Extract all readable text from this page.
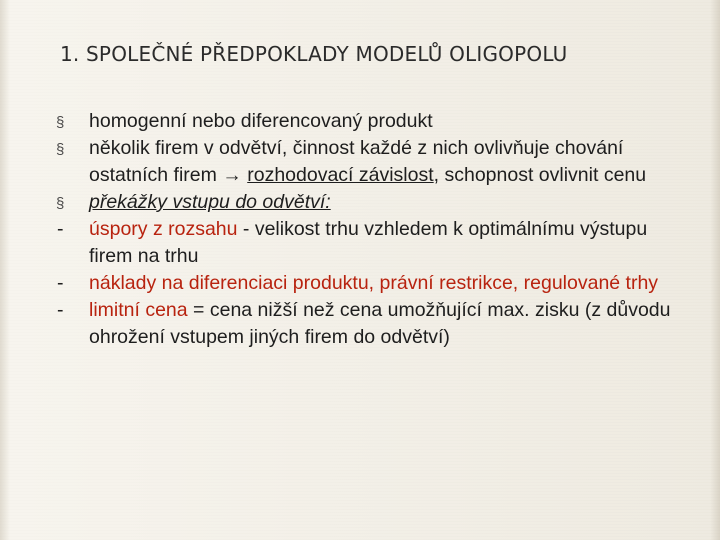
1. SPOLEČNÉ PŘEDPOKLADY MODELŮ OLIGOPOLU

§	homogenní nebo diferencovaný produkt

§	několik firem v odvětví, činnost každé z nich ovlivňuje chování ostatních firem → rozhodovací závislost, schopnost ovlivnit cenu

§	překážky vstupu do odvětví:

-	úspory z rozsahu - velikost trhu vzhledem k optimálnímu výstupu firem na trhu

-	náklady na diferenciaci produktu, právní restrikce, regulované trhy

-	limitní cena = cena nižší než cena umožňující max. zisku (z důvodu ohrožení vstupem jiných firem do odvětví)
